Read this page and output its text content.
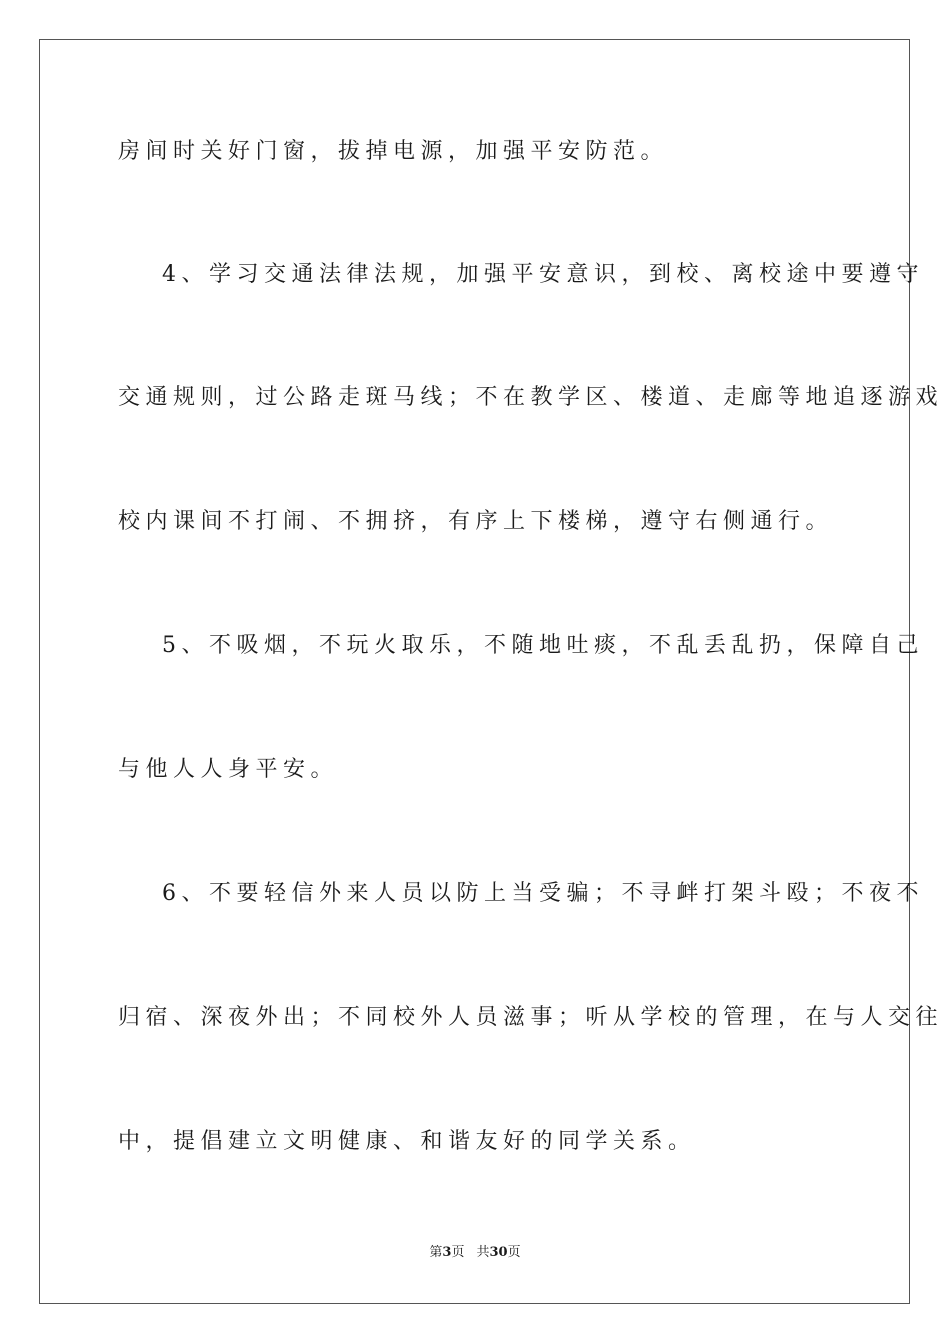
房间时关好门窗，拔掉电源，加强平安防范。
4、学习交通法律法规，加强平安意识，到校、离校途中要遵守
交通规则，过公路走斑马线；不在教学区、楼道、走廊等地追逐游戏
校内课间不打闹、不拥挤，有序上下楼梯，遵守右侧通行。
5、不吸烟，不玩火取乐，不随地吐痰，不乱丢乱扔，保障自己
与他人人身平安。
6、不要轻信外来人员以防上当受骗；不寻衅打架斗殴；不夜不
归宿、深夜外出；不同校外人员滋事；听从学校的管理，在与人交往
中，提倡建立文明健康、和谐友好的同学关系。
第3页 共30页
